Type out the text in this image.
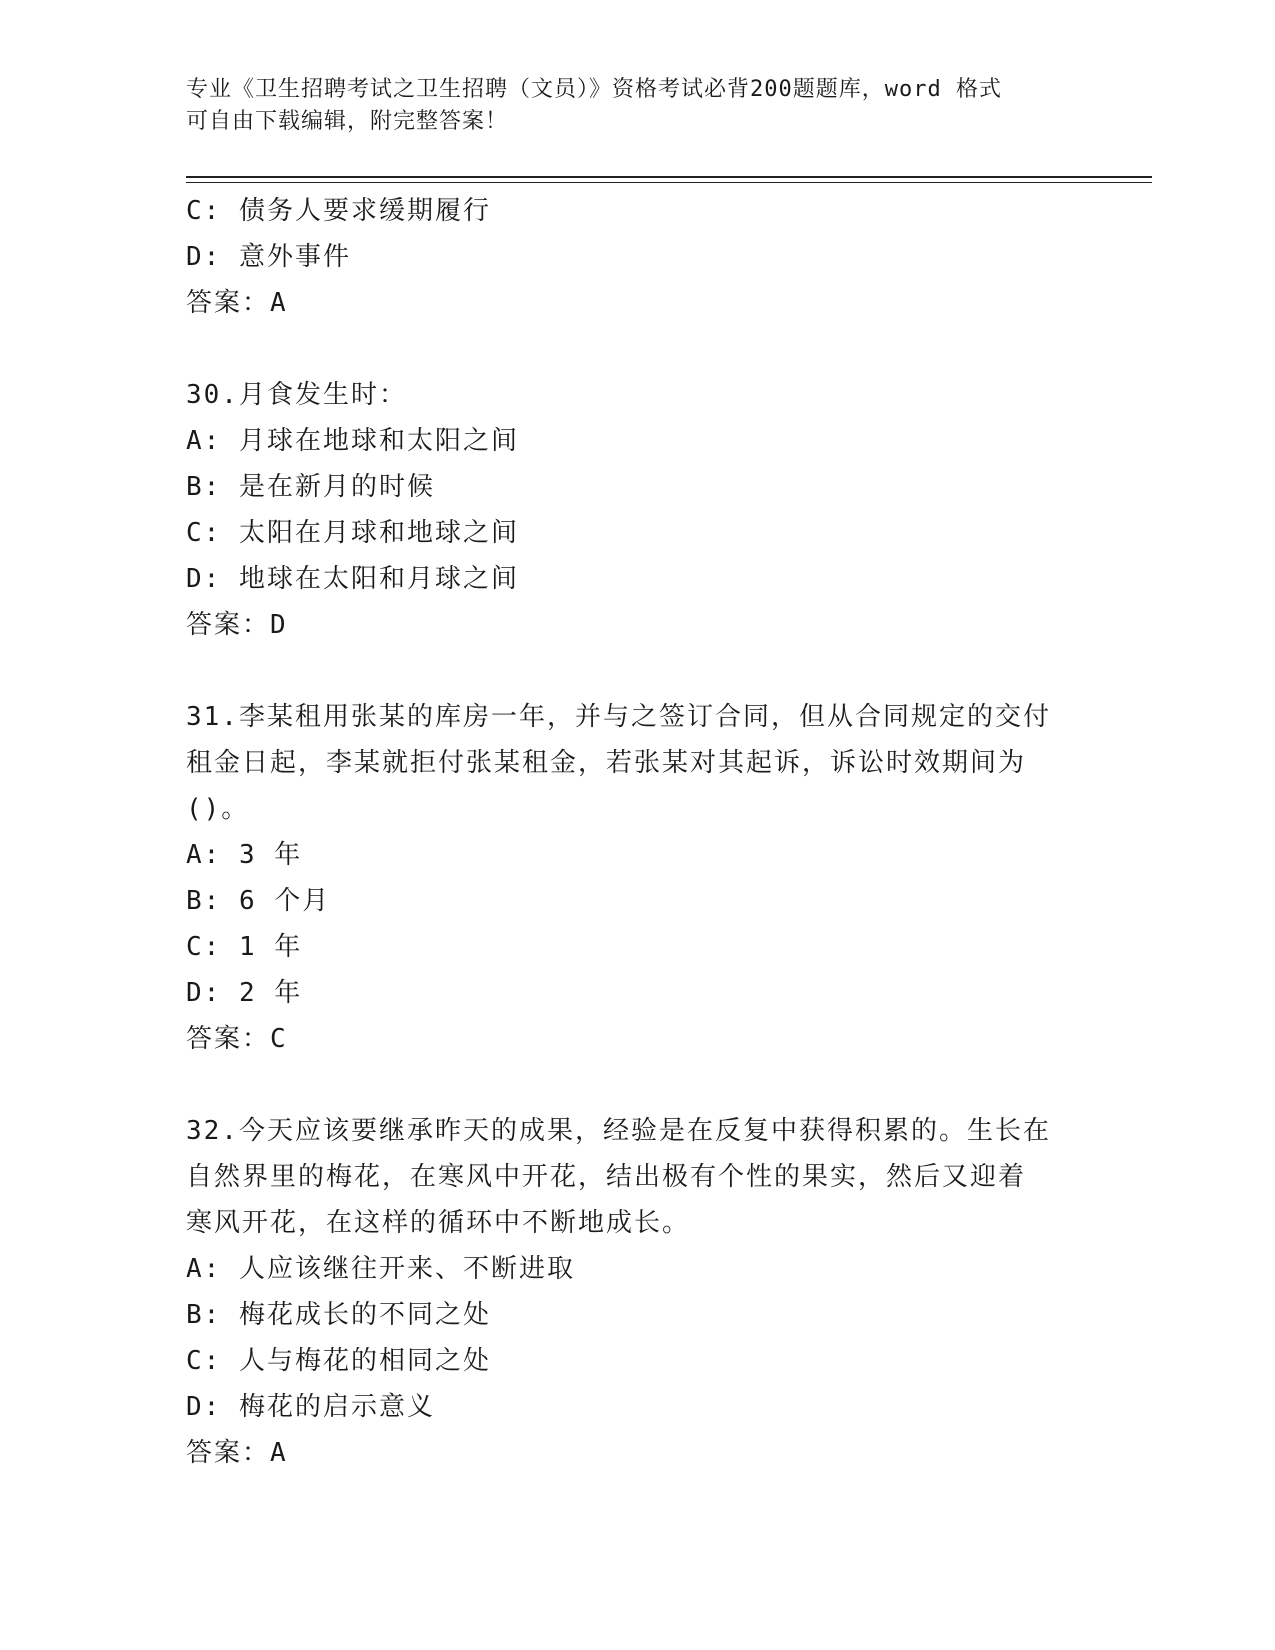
专业《卫生招聘考试之卫生招聘（文员）》资格考试必背200题题库，word 格式
可自由下载编辑，附完整答案！
C: 债务人要求缓期履行
D: 意外事件
答案：A
30.月食发生时：
A: 月球在地球和太阳之间
B: 是在新月的时候
C: 太阳在月球和地球之间
D: 地球在太阳和月球之间
答案：D
31.李某租用张某的库房一年，并与之签订合同，但从合同规定的交付
租金日起，李某就拒付张某租金，若张某对其起诉，诉讼时效期间为
()。
A: 3 年
B: 6 个月
C: 1 年
D: 2 年
答案：C
32.今天应该要继承昨天的成果，经验是在反复中获得积累的。生长在
自然界里的梅花，在寒风中开花，结出极有个性的果实，然后又迎着
寒风开花，在这样的循环中不断地成长。
A: 人应该继往开来、不断进取
B: 梅花成长的不同之处
C: 人与梅花的相同之处
D: 梅花的启示意义
答案：A
